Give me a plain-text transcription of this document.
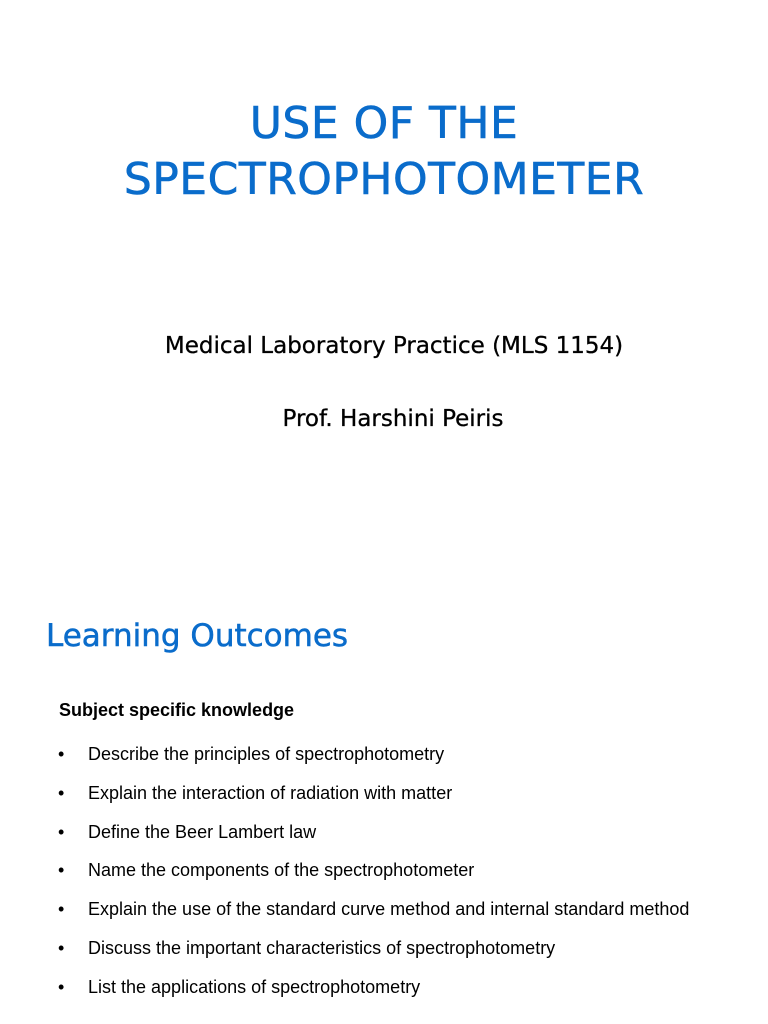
USE OF THE
SPECTROPHOTOMETER
Medical Laboratory Practice (MLS 1154)
Prof. Harshini Peiris
Learning Outcomes
Subject specific knowledge
• Describe the principles of spectrophotometry
• Explain the interaction of radiation with matter
• Define the Beer Lambert law
• Name the components of the spectrophotometer
• Explain the use of the standard curve method and internal standard method
• Discuss the important characteristics of spectrophotometry
• List the applications of spectrophotometry
